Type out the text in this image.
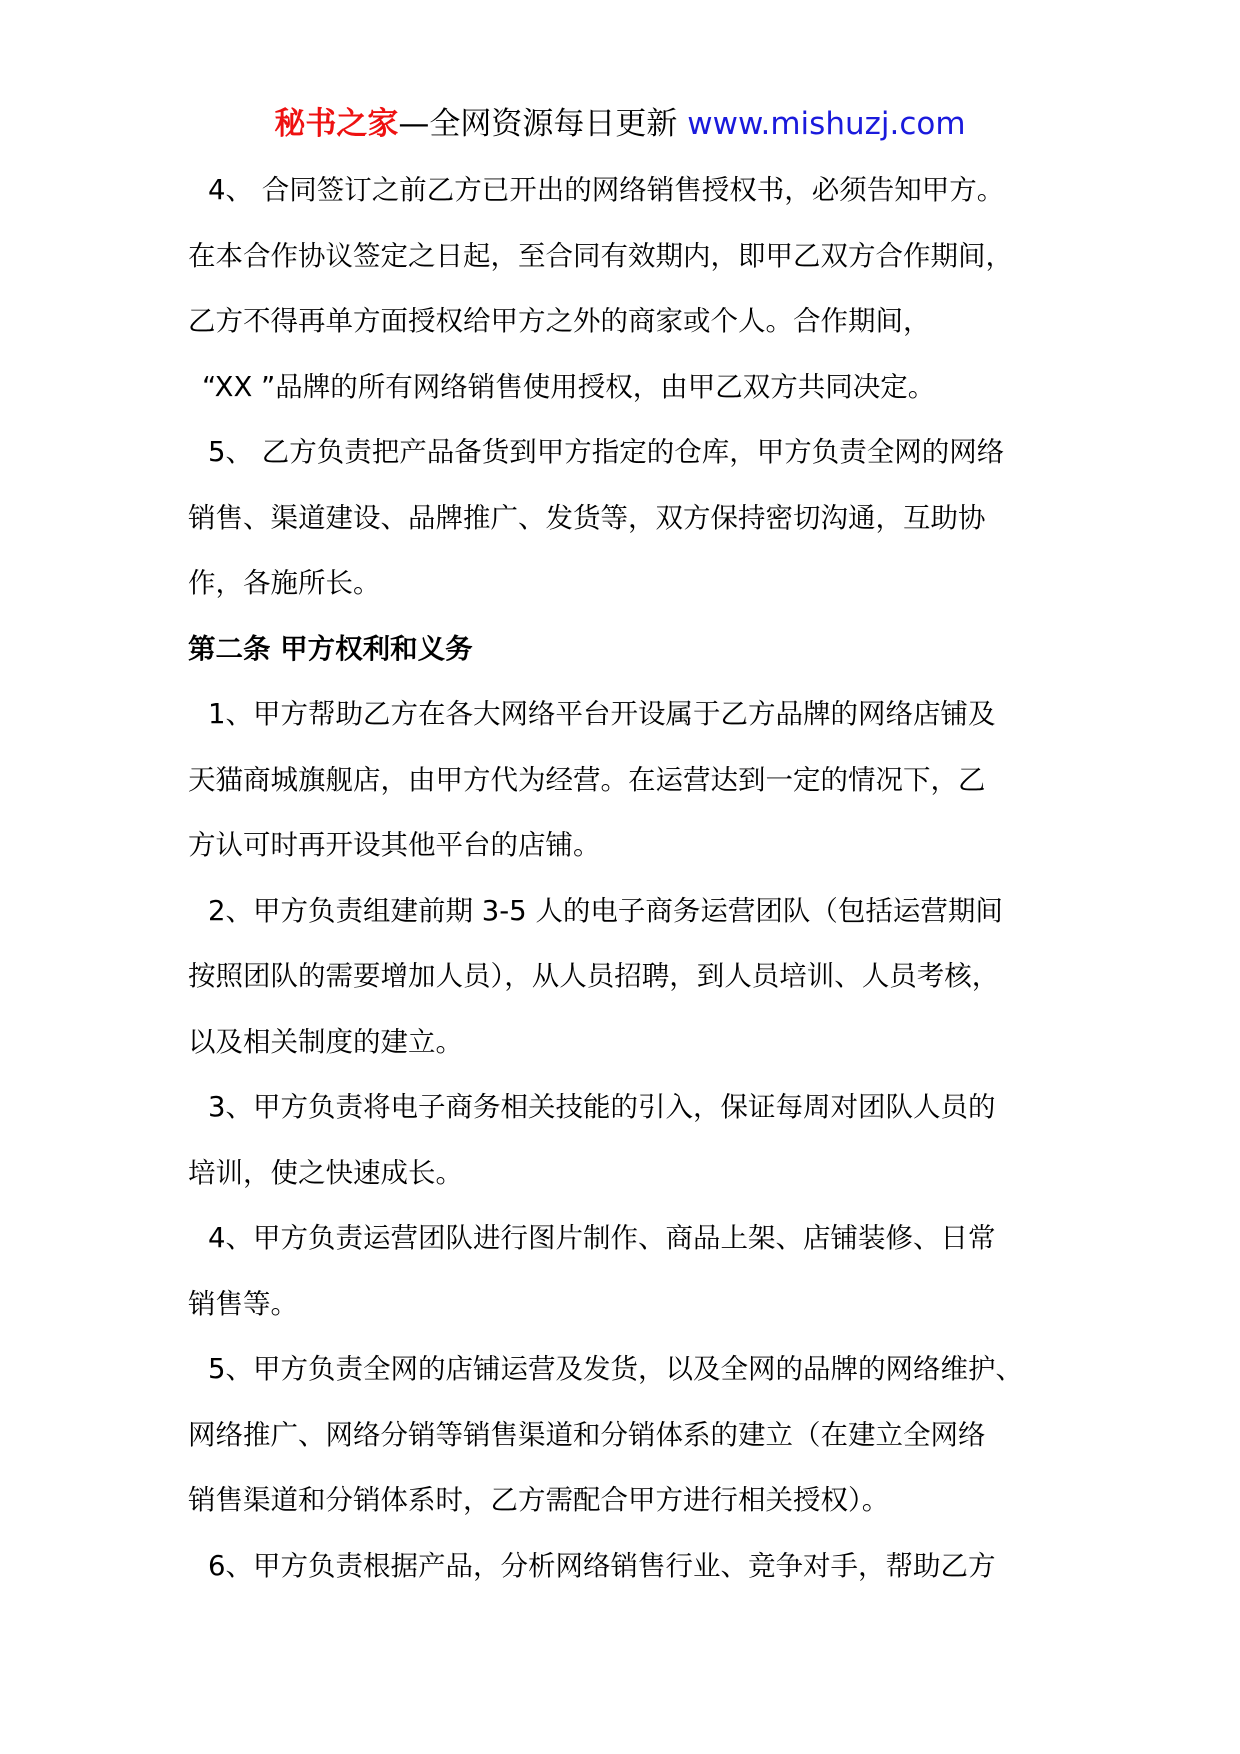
秘书之家—全网资源每日更新 www.mishuzj.com
4、 合同签订之前乙方已开出的网络销售授权书，必须告知甲方。
在本合作协议签定之日起，至合同有效期内，即甲乙双方合作期间，
乙方不得再单方面授权给甲方之外的商家或个人。合作期间，
“XX ”品牌的所有网络销售使用授权，由甲乙双方共同决定。
5、 乙方负责把产品备货到甲方指定的仓库，甲方负责全网的网络
销售、渠道建设、品牌推广、发货等，双方保持密切沟通，互助协
作，各施所长。
第二条 甲方权利和义务
1、甲方帮助乙方在各大网络平台开设属于乙方品牌的网络店铺及
天猫商城旗舰店，由甲方代为经营。在运营达到一定的情况下，乙
方认可时再开设其他平台的店铺。
2、甲方负责组建前期 3-5 人的电子商务运营团队（包括运营期间
按照团队的需要增加人员），从人员招聘，到人员培训、人员考核，
以及相关制度的建立。
3、甲方负责将电子商务相关技能的引入，保证每周对团队人员的
培训，使之快速成长。
4、甲方负责运营团队进行图片制作、商品上架、店铺装修、日常
销售等。
5、甲方负责全网的店铺运营及发货，以及全网的品牌的网络维护、
网络推广、网络分销等销售渠道和分销体系的建立（在建立全网络
销售渠道和分销体系时，乙方需配合甲方进行相关授权）。
6、甲方负责根据产品，分析网络销售行业、竞争对手，帮助乙方
